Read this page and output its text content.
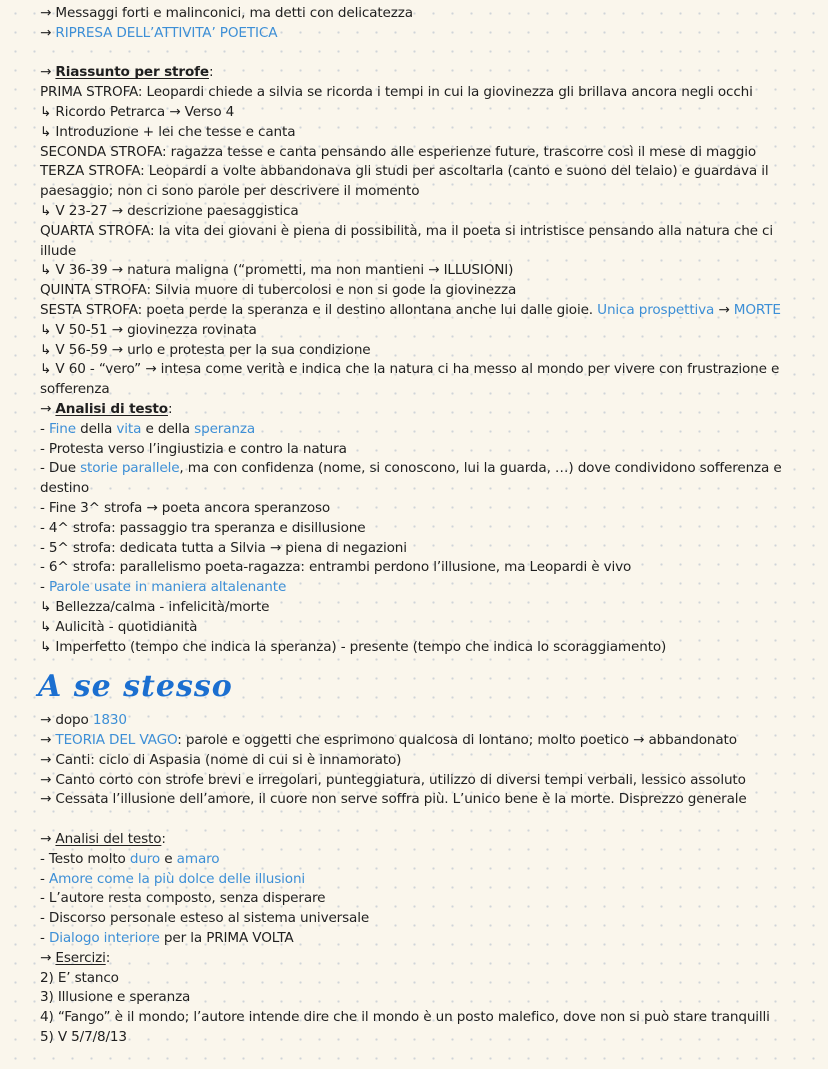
→ Messaggi forti e malinconici, ma detti con delicatezza
→ RIPRESA DELL’ATTIVITA’ POETICA
→ Riassunto per strofe:
PRIMA STROFA: Leopardi chiede a silvia se ricorda i tempi in cui la giovinezza gli brillava ancora negli occhi
↳ Ricordo Petrarca → Verso 4
↳ Introduzione + lei che tesse e canta
SECONDA STROFA: ragazza tesse e canta pensando alle esperienze future, trascorre così il mese di maggio
TERZA STROFA: Leopardi a volte abbandonava gli studi per ascoltarla (canto e suono del telaio) e guardava il
paesaggio; non ci sono parole per descrivere il momento
↳ V 23-27 → descrizione paesaggistica
QUARTA STROFA: la vita dei giovani è piena di possibilità, ma il poeta si intristisce pensando alla natura che ci
illude
↳ V 36-39 → natura maligna (“prometti, ma non mantieni → ILLUSIONI)
QUINTA STROFA: Silvia muore di tubercolosi e non si gode la giovinezza
SESTA STROFA: poeta perde la speranza e il destino allontana anche lui dalle gioie. Unica prospettiva → MORTE
↳ V 50-51 → giovinezza rovinata
↳ V 56-59 → urlo e protesta per la sua condizione
↳ V 60 - “vero” → intesa come verità e indica che la natura ci ha messo al mondo per vivere con frustrazione e
sofferenza
→ Analisi di testo:
- Fine della vita e della speranza
- Protesta verso l’ingiustizia e contro la natura
- Due storie parallele, ma con confidenza (nome, si conoscono, lui la guarda, …) dove condividono sofferenza e
destino
- Fine 3^ strofa → poeta ancora speranzoso
- 4^ strofa: passaggio tra speranza e disillusione
- 5^ strofa: dedicata tutta a Silvia → piena di negazioni
- 6^ strofa: parallelismo poeta-ragazza: entrambi perdono l’illusione, ma Leopardi è vivo
- Parole usate in maniera altalenante
↳ Bellezza/calma - infelicità/morte
↳ Aulicità - quotidianità
↳ Imperfetto (tempo che indica la speranza) - presente (tempo che indica lo scoraggiamento)
A se stesso
→ dopo 1830
→ TEORIA DEL VAGO: parole e oggetti che esprimono qualcosa di lontano; molto poetico → abbandonato
→ Canti: ciclo di Aspasia (nome di cui si è innamorato)
→ Canto corto con strofe brevi e irregolari, punteggiatura, utilizzo di diversi tempi verbali, lessico assoluto
→ Cessata l’illusione dell’amore, il cuore non serve soffra più. L’unico bene è la morte. Disprezzo generale
→ Analisi del testo:
- Testo molto duro e amaro
- Amore come la più dolce delle illusioni
- L’autore resta composto, senza disperare
- Discorso personale esteso al sistema universale
- Dialogo interiore per la PRIMA VOLTA
→ Esercizi:
2) E’ stanco
3) Illusione e speranza
4) “Fango” è il mondo; l’autore intende dire che il mondo è un posto malefico, dove non si può stare tranquilli
5) V 5/7/8/13
